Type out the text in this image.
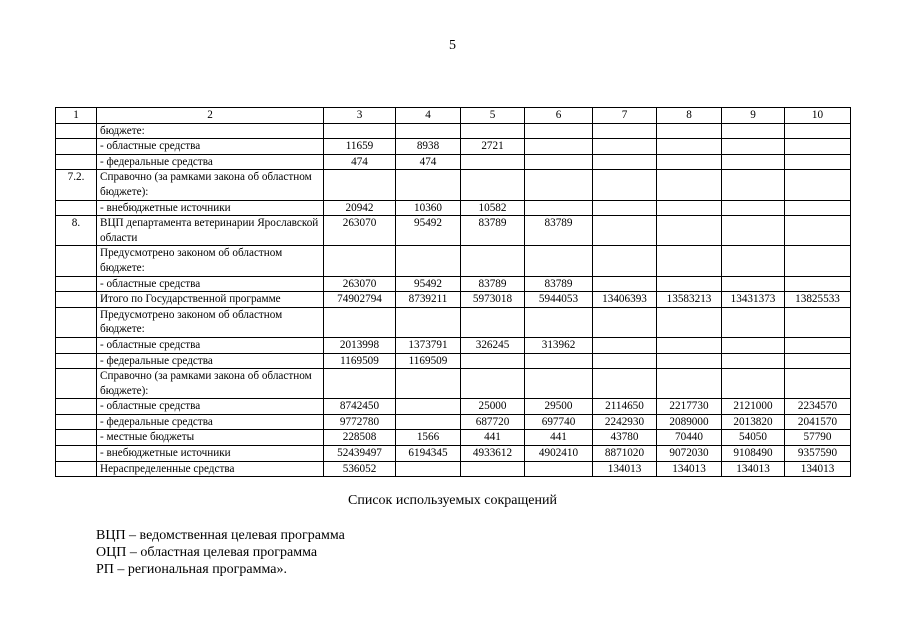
5
1	2	3	4	5	6	7	8	9	10
	бюджете:								
	- областные средства	11659	8938	2721					
	- федеральные средства	474	474						
7.2.	Справочно (за рамками закона об областном бюджете):								
	- внебюджетные источники	20942	10360	10582					
8.	ВЦП департамента ветеринарии Ярославской области	263070	95492	83789	83789				
	Предусмотрено законом об областном бюджете:								
	- областные средства	263070	95492	83789	83789				
	Итого по Государственной программе	74902794	8739211	5973018	5944053	13406393	13583213	13431373	13825533
	Предусмотрено законом об областном бюджете:								
	- областные средства	2013998	1373791	326245	313962				
	- федеральные средства	1169509	1169509						
	Справочно (за рамками закона об областном бюджете):								
	- областные средства	8742450		25000	29500	2114650	2217730	2121000	2234570
	- федеральные средства	9772780		687720	697740	2242930	2089000	2013820	2041570
	- местные бюджеты	228508	1566	441	441	43780	70440	54050	57790
	- внебюджетные источники	52439497	6194345	4933612	4902410	8871020	9072030	9108490	9357590
	Нераспределенные средства	536052				134013	134013	134013	134013
Список используемых сокращений
ВЦП – ведомственная целевая программа
ОЦП – областная целевая программа
РП – региональная программа».
